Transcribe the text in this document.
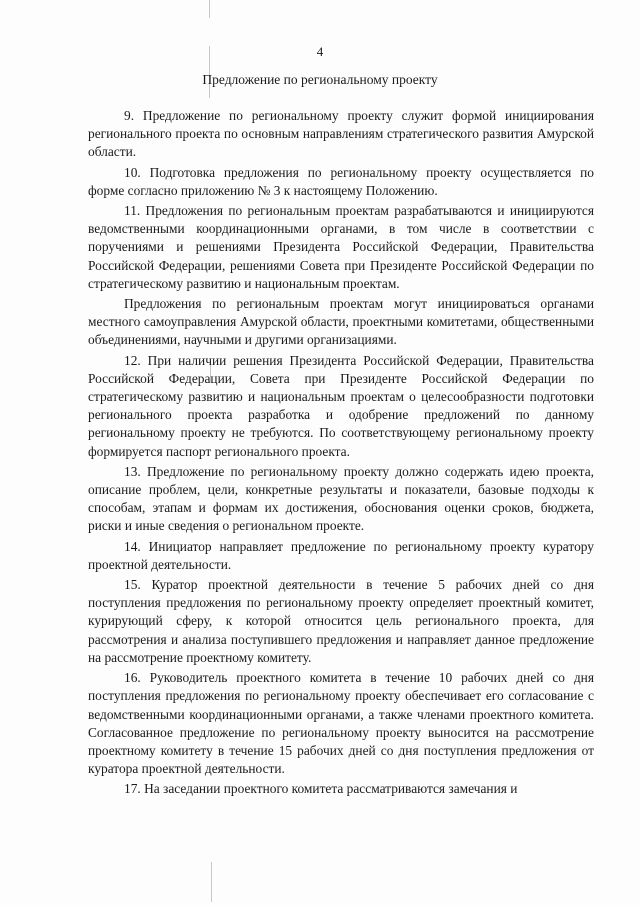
4
Предложение по региональному проекту

9. Предложение по региональному проекту служит формой инициирования регионального проекта по основным направлениям стратегического развития Амурской области.

10. Подготовка предложения по региональному проекту осуществляется по форме согласно приложению № 3 к настоящему Положению.

11. Предложения по региональным проектам разрабатываются и инициируются ведомственными координационными органами, в том числе в соответствии с поручениями и решениями Президента Российской Федерации, Правительства Российской Федерации, решениями Совета при Президенте Российской Федерации по стратегическому развитию и национальным проектам.

Предложения по региональным проектам могут инициироваться органами местного самоуправления Амурской области, проектными комитетами, общественными объединениями, научными и другими организациями.

12. При наличии решения Президента Российской Федерации, Правительства Российской Федерации, Совета при Президенте Российской Федерации по стратегическому развитию и национальным проектам о целесообразности подготовки регионального проекта разработка и одобрение предложений по данному региональному проекту не требуются. По соответствующему региональному проекту формируется паспорт регионального проекта.

13. Предложение по региональному проекту должно содержать идею проекта, описание проблем, цели, конкретные результаты и показатели, базовые подходы к способам, этапам и формам их достижения, обоснования оценки сроков, бюджета, риски и иные сведения о региональном проекте.

14. Инициатор направляет предложение по региональному проекту куратору проектной деятельности.

15. Куратор проектной деятельности в течение 5 рабочих дней со дня поступления предложения по региональному проекту определяет проектный комитет, курирующий сферу, к которой относится цель регионального проекта, для рассмотрения и анализа поступившего предложения и направляет данное предложение на рассмотрение проектному комитету.

16. Руководитель проектного комитета в течение 10 рабочих дней со дня поступления предложения по региональному проекту обеспечивает его согласование с ведомственными координационными органами, а также членами проектного комитета. Согласованное предложение по региональному проекту выносится на рассмотрение проектному комитету в течение 15 рабочих дней со дня поступления предложения от куратора проектной деятельности.

17. На заседании проектного комитета рассматриваются замечания и
